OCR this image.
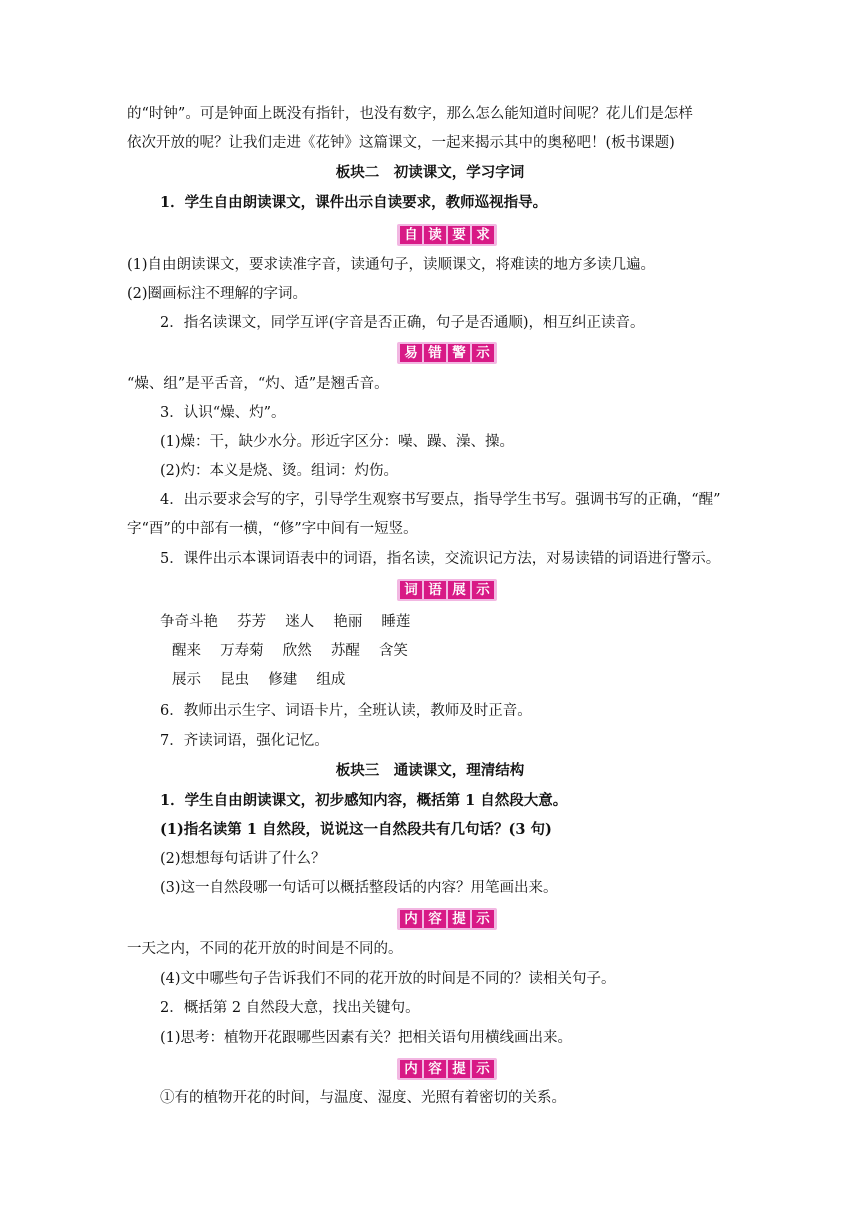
的“时钟”。可是钟面上既没有指针，也没有数字，那么怎么能知道时间呢？花儿们是怎样
依次开放的呢？让我们走进《花钟》这篇课文，一起来揭示其中的奥秘吧！(板书课题)
板块二　初读课文，学习字词
1．学生自由朗读课文，课件出示自读要求，教师巡视指导。
自 读 要 求
(1)自由朗读课文，要求读准字音，读通句子，读顺课文，将难读的地方多读几遍。
(2)圈画标注不理解的字词。
2．指名读课文，同学互评(字音是否正确，句子是否通顺)，相互纠正读音。
易 错 警 示
“燥、组”是平舌音，“灼、适”是翘舌音。
3．认识“燥、灼”。
(1)燥：干，缺少水分。形近字区分：噪、躁、澡、操。
(2)灼：本义是烧、烫。组词：灼伤。
4．出示要求会写的字，引导学生观察书写要点，指导学生书写。强调书写的正确，“醒”
字“酉”的中部有一横，“修”字中间有一短竖。
5．课件出示本课词语表中的词语，指名读，交流识记方法，对易读错的词语进行警示。
词 语 展 示
争奇斗艳　 芬芳　 迷人　 艳丽　 睡莲
醒来　 万寿菊　 欣然　 苏醒　 含笑
展示　 昆虫　 修建　 组成
6．教师出示生字、词语卡片，全班认读，教师及时正音。
7．齐读词语，强化记忆。
板块三　通读课文，理清结构
1．学生自由朗读课文，初步感知内容，概括第 1 自然段大意。
(1)指名读第 1 自然段，说说这一自然段共有几句话？(3 句)
(2)想想每句话讲了什么？
(3)这一自然段哪一句话可以概括整段话的内容？用笔画出来。
内 容 提 示
一天之内，不同的花开放的时间是不同的。
(4)文中哪些句子告诉我们不同的花开放的时间是不同的？读相关句子。
2．概括第 2 自然段大意，找出关键句。
(1)思考：植物开花跟哪些因素有关？把相关语句用横线画出来。
内 容 提 示
①有的植物开花的时间，与温度、湿度、光照有着密切的关系。
